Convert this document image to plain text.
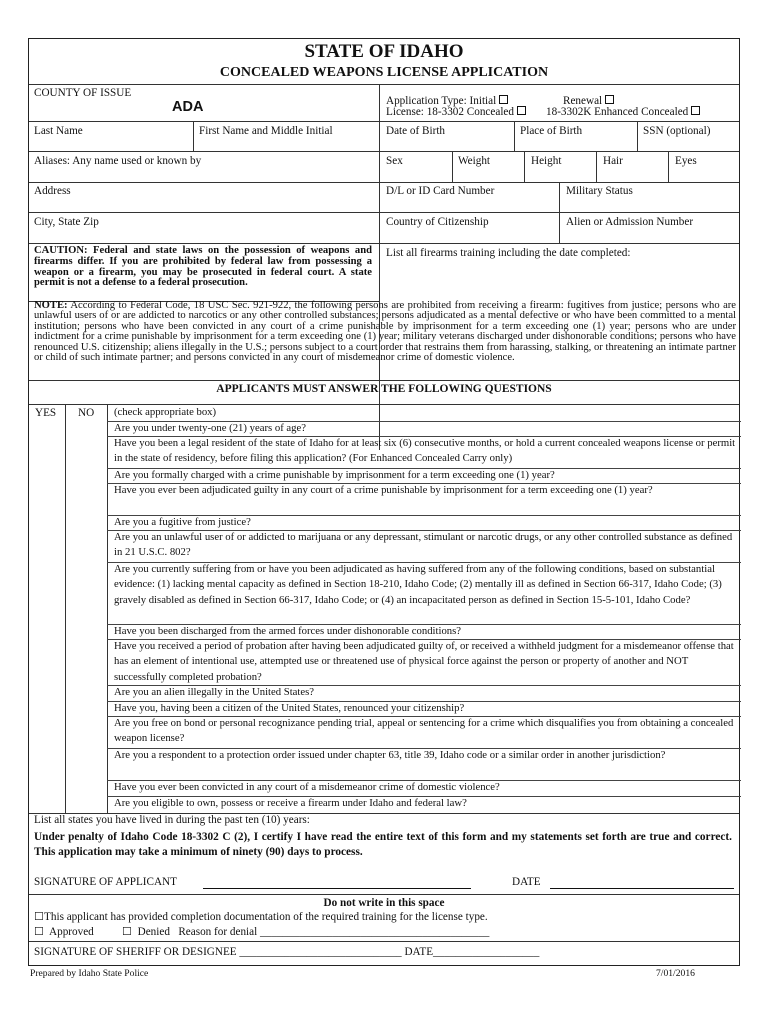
STATE OF IDAHO
CONCEALED WEAPONS LICENSE APPLICATION
COUNTY OF ISSUE
ADA	Application Type: Initial	Renewal
License: 18-3302 Concealed	18-3302K Enhanced Concealed
Last Name	First Name and Middle Initial	Date of Birth	Place of Birth	SSN (optional)
Aliases: Any name used or known by	Sex	Weight	Height	Hair	Eyes
Address	D/L or ID Card Number	Military Status
City, State Zip	Country of Citizenship	Alien or Admission Number
CAUTION: Federal and state laws on the possession of weapons and firearms differ. If you are prohibited by federal law from possessing a weapon or a firearm, you may be prosecuted in federal court. A state permit is not a defense to a federal prosecution.
List all firearms training including the date completed:
NOTE: According to Federal Code, 18 USC Sec. 921-922, the following persons are prohibited from receiving a firearm: fugitives from justice; persons who are unlawful users of or are addicted to narcotics or any other controlled substances; persons adjudicated as a mental defective or who have been committed to a mental institution; persons who have been convicted in any court of a crime punishable by imprisonment for a term exceeding one (1) year; persons who are under indictment for a crime punishable by imprisonment for a term exceeding one (1) year; military veterans discharged under dishonorable conditions; persons who have renounced U.S. citizenship; aliens illegally in the U.S.; persons subject to a court order that restrains them from harassing, stalking, or threatening an intimate partner or child of such intimate partner; and persons convicted in any court of misdemeanor crime of domestic violence.
APPLICANTS MUST ANSWER THE FOLLOWING QUESTIONS
YES NO (check appropriate box)
Are you under twenty-one (21) years of age?
Have you been a legal resident of the state of Idaho for at least six (6) consecutive months, or hold a current concealed weapons license or permit in the state of residency, before filing this application? (For Enhanced Concealed Carry only)
Are you formally charged with a crime punishable by imprisonment for a term exceeding one (1) year?
Have you ever been adjudicated guilty in any court of a crime punishable by imprisonment for a term exceeding one (1) year?
Are you a fugitive from justice?
Are you an unlawful user of or addicted to marijuana or any depressant, stimulant or narcotic drugs, or any other controlled substance as defined in 21 U.S.C. 802?
Are you currently suffering from or have you been adjudicated as having suffered from any of the following conditions, based on substantial evidence: (1) lacking mental capacity as defined in Section 18-210, Idaho Code; (2) mentally ill as defined in Section 66-317, Idaho Code; (3) gravely disabled as defined in Section 66-317, Idaho Code; or (4) an incapacitated person as defined in Section 15-5-101, Idaho Code?
Have you been discharged from the armed forces under dishonorable conditions?
Have you received a period of probation after having been adjudicated guilty of, or received a withheld judgment for a misdemeanor offense that has an element of intentional use, attempted use or threatened use of physical force against the person or property of another and NOT successfully completed probation?
Are you an alien illegally in the United States?
Have you, having been a citizen of the United States, renounced your citizenship?
Are you free on bond or personal recognizance pending trial, appeal or sentencing for a crime which disqualifies you from obtaining a concealed weapon license?
Are you a respondent to a protection order issued under chapter 63, title 39, Idaho code or a similar order in another jurisdiction?
Have you ever been convicted in any court of a misdemeanor crime of domestic violence?
Are you eligible to own, possess or receive a firearm under Idaho and federal law?
List all states you have lived in during the past ten (10) years:
Under penalty of Idaho Code 18-3302 C (2), I certify I have read the entire text of this form and my statements set forth are true and correct. This application may take a minimum of ninety (90) days to process.
SIGNATURE OF APPLICANT	DATE
Do not write in this space
☐This applicant has provided completion documentation of the required training for the license type.
☐ Approved	☐ Denied Reason for denial _________________________________________
SIGNATURE OF SHERIFF OR DESIGNEE _____________________________ DATE___________________
Prepared by Idaho State Police	7/01/2016
